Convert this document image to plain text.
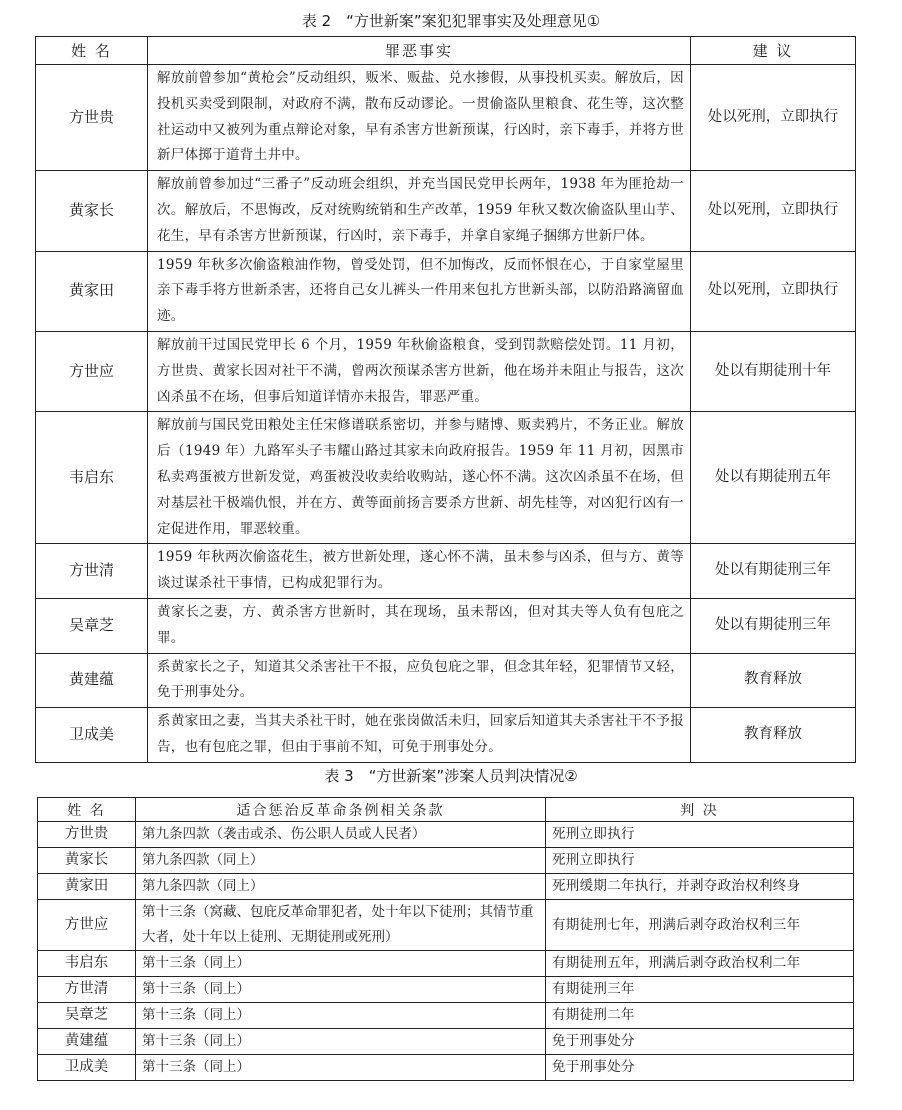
表 2　“方世新案”案犯犯罪事实及处理意见①
姓 名	罪恶事实	建 议
方世贵	解放前曾参加“黄枪会”反动组织，贩米、贩盐、兑水掺假，从事投机买卖。解放后，因投机买卖受到限制，对政府不满，散布反动谬论。一贯偷盗队里粮食、花生等，这次整社运动中又被列为重点辩论对象，早有杀害方世新预谋，行凶时，亲下毒手，并将方世新尸体掷于道背土井中。	处以死刑，立即执行
黄家长	解放前曾参加过“三番子”反动班会组织，并充当国民党甲长两年，1938 年为匪抢劫一次。解放后，不思悔改，反对统购统销和生产改革，1959 年秋又数次偷盗队里山芋、花生，早有杀害方世新预谋，行凶时，亲下毒手，并拿自家绳子捆绑方世新尸体。	处以死刑，立即执行
黄家田	1959 年秋多次偷盗粮油作物，曾受处罚，但不加悔改，反而怀恨在心，于自家堂屋里亲下毒手将方世新杀害，还将自己女儿裤头一件用来包扎方世新头部，以防沿路滴留血迹。	处以死刑，立即执行
方世应	解放前干过国民党甲长 6 个月，1959 年秋偷盗粮食，受到罚款赔偿处罚。11 月初，方世贵、黄家长因对社干不满，曾两次预谋杀害方世新，他在场并未阻止与报告，这次凶杀虽不在场，但事后知道详情亦未报告，罪恶严重。	处以有期徒刑十年
韦启东	解放前与国民党田粮处主任宋修谱联系密切，并参与赌博、贩卖鸦片，不务正业。解放后（1949 年）九路军头子韦耀山路过其家未向政府报告。1959 年 11 月初，因黑市私卖鸡蛋被方世新发觉，鸡蛋被没收卖给收购站，遂心怀不满。这次凶杀虽不在场，但对基层社干极端仇恨，并在方、黄等面前扬言要杀方世新、胡先桂等，对凶犯行凶有一定促进作用，罪恶较重。	处以有期徒刑五年
方世清	1959 年秋两次偷盗花生，被方世新处理，遂心怀不满，虽未参与凶杀，但与方、黄等谈过谋杀社干事情，已构成犯罪行为。	处以有期徒刑三年
吴章芝	黄家长之妻，方、黄杀害方世新时，其在现场，虽未帮凶，但对其夫等人负有包庇之罪。	处以有期徒刑三年
黄建蕴	系黄家长之子，知道其父杀害社干不报，应负包庇之罪，但念其年轻，犯罪情节又轻，免于刑事处分。	教育释放
卫成美	系黄家田之妻，当其夫杀社干时，她在张岗做活未归，回家后知道其夫杀害社干不予报告，也有包庇之罪，但由于事前不知，可免于刑事处分。	教育释放
表 3　“方世新案”涉案人员判决情况②
姓 名	适合惩治反革命条例相关条款	判 决
方世贵	第九条四款（袭击或杀、伤公职人员或人民者）	死刑立即执行
黄家长	第九条四款（同上）	死刑立即执行
黄家田	第九条四款（同上）	死刑缓期二年执行，并剥夺政治权利终身
方世应	第十三条（窝藏、包庇反革命罪犯者，处十年以下徒刑；其情节重大者，处十年以上徒刑、无期徒刑或死刑）	有期徒刑七年，刑满后剥夺政治权利三年
韦启东	第十三条（同上）	有期徒刑五年，刑满后剥夺政治权利二年
方世清	第十三条（同上）	有期徒刑三年
吴章芝	第十三条（同上）	有期徒刑二年
黄建蕴	第十三条（同上）	免于刑事处分
卫成美	第十三条（同上）	免于刑事处分
